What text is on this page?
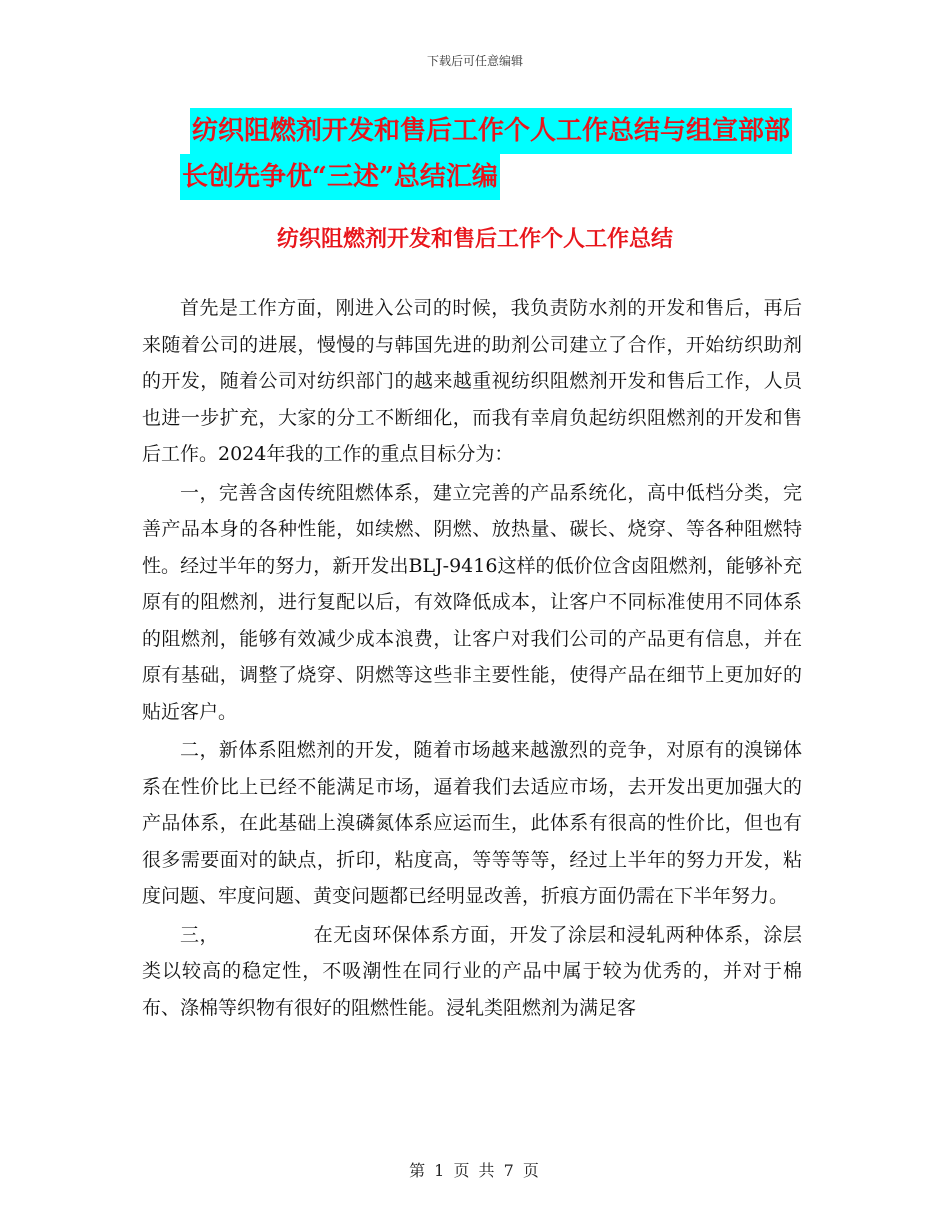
下载后可任意编辑
纺织阻燃剂开发和售后工作个人工作总结与组宣部部
长创先争优“三述”总结汇编
纺织阻燃剂开发和售后工作个人工作总结

首先是工作方面，刚进入公司的时候，我负责防水剂的开发和售后，再后来随着公司的进展，慢慢的与韩国先进的助剂公司建立了合作，开始纺织助剂的开发，随着公司对纺织部门的越来越重视纺织阻燃剂开发和售后工作，人员也进一步扩充，大家的分工不断细化，而我有幸肩负起纺织阻燃剂的开发和售后工作。2024年我的工作的重点目标分为：

一，完善含卤传统阻燃体系，建立完善的产品系统化，高中低档分类，完善产品本身的各种性能，如续燃、阴燃、放热量、碳长、烧穿、等各种阻燃特性。经过半年的努力，新开发出BLJ-9416这样的低价位含卤阻燃剂，能够补充原有的阻燃剂，进行复配以后，有效降低成本，让客户不同标准使用不同体系的阻燃剂，能够有效减少成本浪费，让客户对我们公司的产品更有信息，并在原有基础，调整了烧穿、阴燃等这些非主要性能，使得产品在细节上更加好的贴近客户。

二，新体系阻燃剂的开发，随着市场越来越激烈的竞争，对原有的溴锑体系在性价比上已经不能满足市场，逼着我们去适应市场，去开发出更加强大的产品体系，在此基础上溴磷氮体系应运而生，此体系有很高的性价比，但也有很多需要面对的缺点，折印，粘度高，等等等等，经过上半年的努力开发，粘度问题、牢度问题、黄变问题都已经明显改善，折痕方面仍需在下半年努力。

三，	在无卤环保体系方面，开发了涂层和浸轧两种体系，涂层类以较高的稳定性，不吸潮性在同行业的产品中属于较为优秀的，并对于棉布、涤棉等织物有很好的阻燃性能。浸轧类阻燃剂为满足客

第 1 页 共 7 页
